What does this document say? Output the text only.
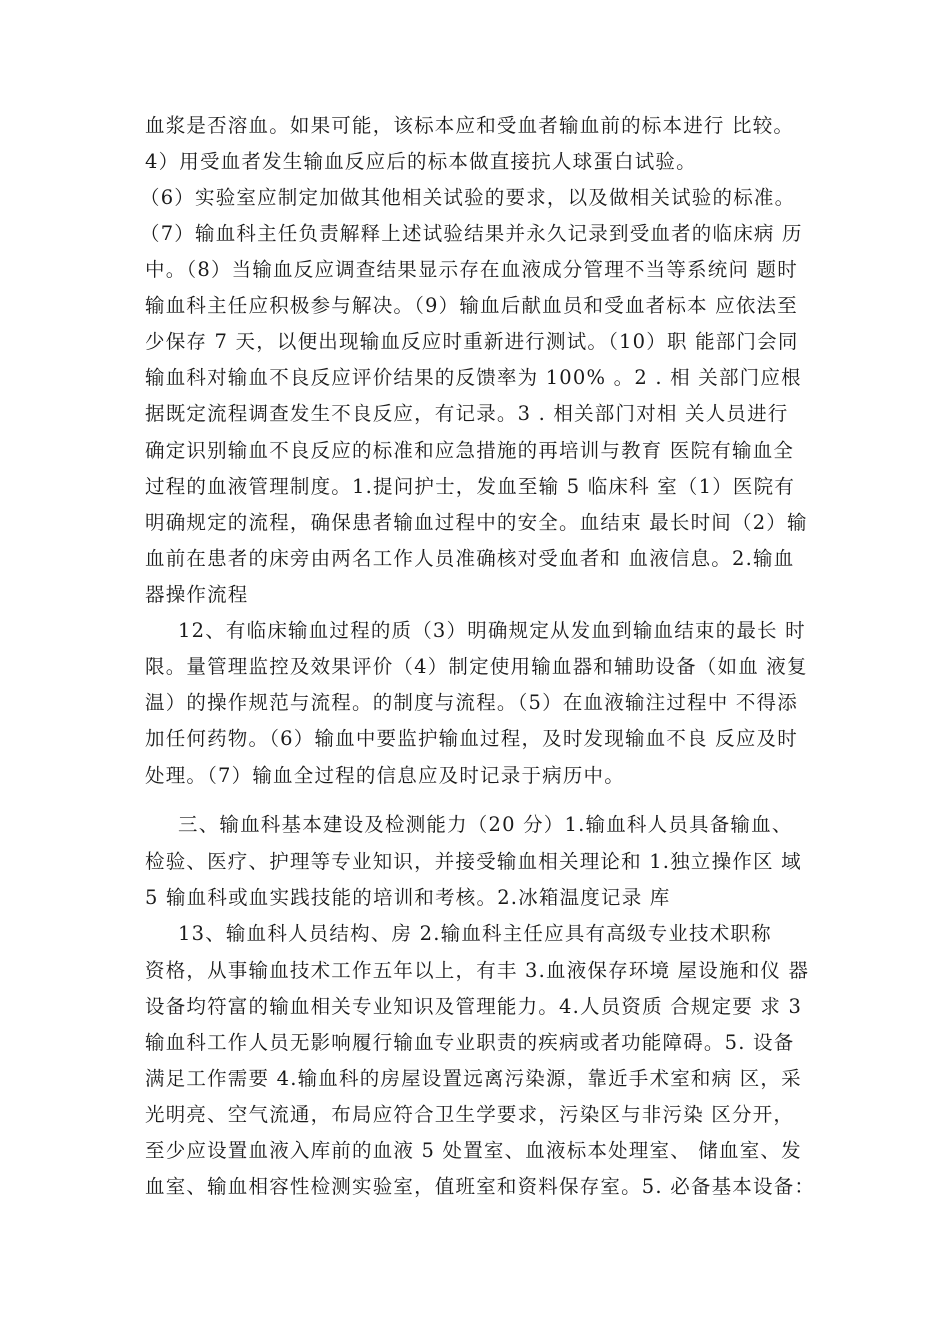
血浆是否溶血。如果可能，该标本应和受血者输血前的标本进行 比较。
4）用受血者发生输血反应后的标本做直接抗人球蛋白试验。
（6）实验室应制定加做其他相关试验的要求，以及做相关试验的标准。
（7）输血科主任负责解释上述试验结果并永久记录到受血者的临床病 历
中。（8）当输血反应调查结果显示存在血液成分管理不当等系统问 题时
输血科主任应积极参与解决。（9）输血后献血员和受血者标本 应依法至
少保存 7 天，以便出现输血反应时重新进行测试。（10）职 能部门会同
输血科对输血不良反应评价结果的反馈率为 100% 。2 . 相 关部门应根
据既定流程调查发生不良反应，有记录。3 . 相关部门对相 关人员进行
确定识别输血不良反应的标准和应急措施的再培训与教育 医院有输血全
过程的血液管理制度。1.提问护士，发血至输 5 临床科 室（1）医院有
明确规定的流程，确保患者输血过程中的安全。血结束 最长时间（2）输
血前在患者的床旁由两名工作人员准确核对受血者和 血液信息。2.输血
器操作流程
12、有临床输血过程的质（3）明确规定从发血到输血结束的最长 时
限。量管理监控及效果评价（4）制定使用输血器和辅助设备（如血 液复
温）的操作规范与流程。的制度与流程。（5）在血液输注过程中 不得添
加任何药物。（6）输血中要监护输血过程，及时发现输血不良 反应及时
处理。（7）输血全过程的信息应及时记录于病历中。
三、输血科基本建设及检测能力（20 分）1.输血科人员具备输血、
检验、医疗、护理等专业知识，并接受输血相关理论和 1.独立操作区 域
5 输血科或血实践技能的培训和考核。2.冰箱温度记录 库
13、输血科人员结构、房 2.输血科主任应具有高级专业技术职称
资格，从事输血技术工作五年以上，有丰 3.血液保存环境 屋设施和仪 器
设备均符富的输血相关专业知识及管理能力。4.人员资质 合规定要 求 3
输血科工作人员无影响履行输血专业职责的疾病或者功能障碍。5. 设备
满足工作需要 4.输血科的房屋设置远离污染源，靠近手术室和病 区，采
光明亮、空气流通，布局应符合卫生学要求，污染区与非污染 区分开，
至少应设置血液入库前的血液 5 处置室、血液标本处理室、 储血室、发
血室、输血相容性检测实验室，值班室和资料保存室。5. 必备基本设备：
